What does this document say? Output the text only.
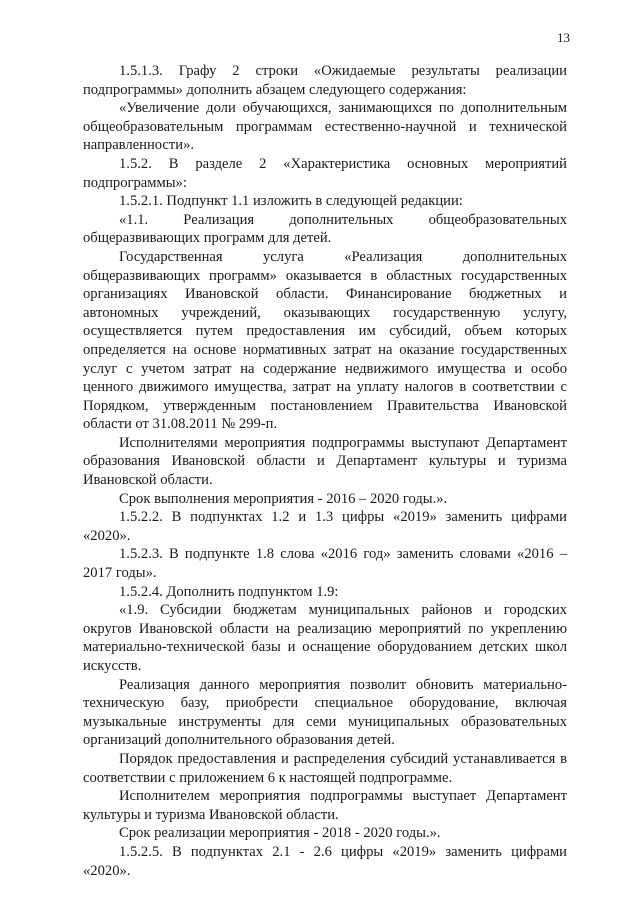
13

1.5.1.3. Графу 2 строки «Ожидаемые результаты реализации подпрограммы» дополнить абзацем следующего содержания:

«Увеличение доли обучающихся, занимающихся по дополнительным общеобразовательным программам естественно-научной и технической направленности».

1.5.2. В разделе 2 «Характеристика основных мероприятий подпрограммы»:

1.5.2.1. Подпункт 1.1 изложить в следующей редакции:

«1.1. Реализация дополнительных общеобразовательных общеразвивающих программ для детей.

Государственная услуга «Реализация дополнительных общеразвивающих программ» оказывается в областных государственных организациях Ивановской области. Финансирование бюджетных и автономных учреждений, оказывающих государственную услугу, осуществляется путем предоставления им субсидий, объем которых определяется на основе нормативных затрат на оказание государственных услуг с учетом затрат на содержание недвижимого имущества и особо ценного движимого имущества, затрат на уплату налогов в соответствии с Порядком, утвержденным постановлением Правительства Ивановской области от 31.08.2011 № 299-п.

Исполнителями мероприятия подпрограммы выступают Департамент образования Ивановской области и Департамент культуры и туризма Ивановской области.

Срок выполнения мероприятия - 2016 – 2020 годы.».

1.5.2.2. В подпунктах 1.2 и 1.3 цифры «2019» заменить цифрами «2020».

1.5.2.3. В подпункте 1.8 слова «2016 год» заменить словами «2016 – 2017 годы».

1.5.2.4. Дополнить подпунктом 1.9:

«1.9. Субсидии бюджетам муниципальных районов и городских округов Ивановской области на реализацию мероприятий по укреплению материально-технической базы и оснащение оборудованием детских школ искусств.

Реализация данного мероприятия позволит обновить материально-техническую базу, приобрести специальное оборудование, включая музыкальные инструменты для семи муниципальных образовательных организаций дополнительного образования детей.

Порядок предоставления и распределения субсидий устанавливается в соответствии с приложением 6 к настоящей подпрограмме.

Исполнителем мероприятия подпрограммы выступает Департамент культуры и туризма Ивановской области.

Срок реализации мероприятия - 2018 - 2020 годы.».

1.5.2.5. В подпунктах 2.1 - 2.6 цифры «2019» заменить цифрами «2020».
